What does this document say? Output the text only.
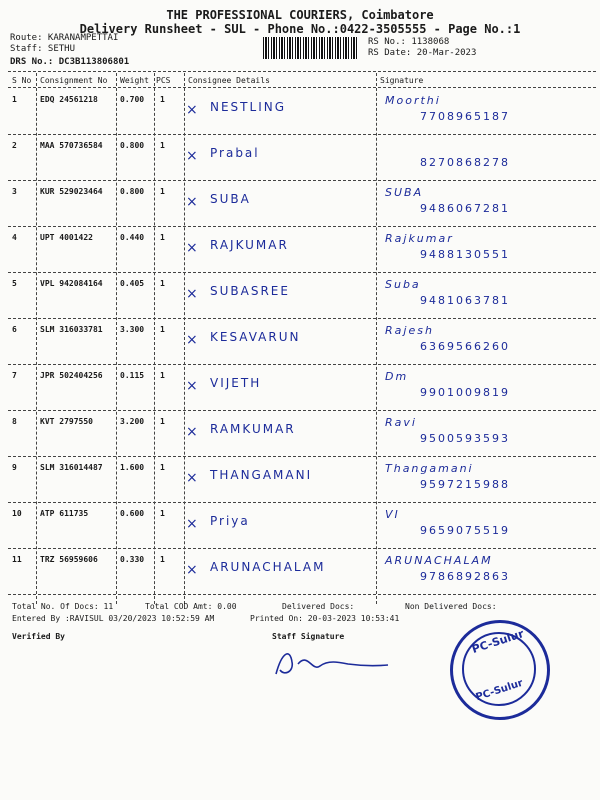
THE PROFESSIONAL COURIERS, Coimbatore
Delivery Runsheet - SUL - Phone No.:0422-3505555 - Page No.:1
Route: KARANAMPETTAI
Staff: SETHU
DRS No.: DC3B113806801
RS No.: 1138068
RS Date: 20-Mar-2023
S No Consignment No Weight PCS Consignee Details	Signature
1	EDQ 24561218	0.700 1
× NESTLING	Moorthi
7708965187
2	MAA 570736584 0.800 1
× Prabal
8270868278
3	KUR 529023464 0.800 1
× SUBA	SUBA
9486067281
4	UPT 4001422	0.440 1
× RAJKUMAR	Rajkumar
9488130551
5	VPL 942084164 0.405 1
× SUBASREE	Suba
9481063781
6	SLM 316033781 3.300 1
× KESAVARUN	Rajesh
6369566260
7	JPR 502404256 0.115 1
× VIJETH	Dm
9901009819
8	KVT 2797550	3.200 1
× RAMKUMAR	Ravi
9500593593
9	SLM 316014487 1.600 1
× THANGAMANI	Thangamani
9597215988
10 ATP 611735	0.600 1
× Priya	VI
9659075519
11 TRZ 56959606	0.330 1
× ARUNACHALAM	ARUNACHALAM
9786892863
Total No. Of Docs: 11	Total COD Amt: 0.00	Delivered Docs:	Non Delivered Docs:
Entered By :RAVISUL 03/20/2023 10:52:59 AM	Printed On: 20-03-2023 10:53:41
Verified By	Staff Signature	PC-Sulur
PC-Sulur
